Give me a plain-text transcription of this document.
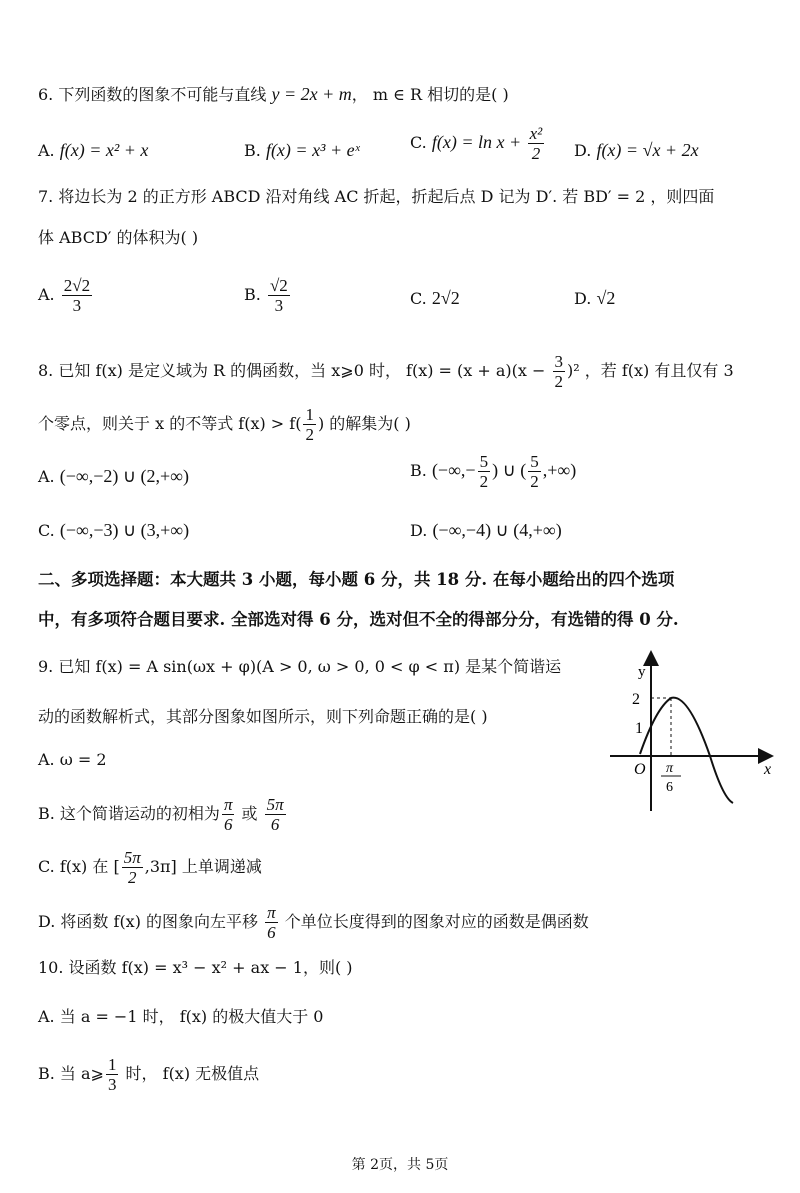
6. 下列函数的图象不可能与直线 y = 2x + m， m ∈ R 相切的是( )
A. f(x) = x² + x	B. f(x) = x³ + eˣ	C. $f(x) = \ln x + \frac{\text{x²}}{2} D$. f(x) = √x + 2x
7. 将边长为 2 的正方形 ABCD 沿对角线 AC 折起，折起后点 D 记为 D′. 若 BD′ = 2 ，则四面
体 ABCD′ 的体积为( )
A. $\frac{2√2}{3}$	B. $\frac{√2}{3}$	C. 2√2	D. √2
8. 已知 f(x) 是定义域为 R 的偶函数，当 x⩾0 时， $f(x) = (x + a)(x - \frac{3}{2} )^2$ ，若 f(x) 有且仅有 3
个零点，则关于 x 的不等式 $f(x) > f( \frac{1}{2}$ ) 的解集为( )
A. (−∞,−2) ∪ (2,+∞)	B. (−∞,− $\frac{5}{2}$ ) ∪ ( $\frac{5}{2}$ ,+∞)
C. (−∞,−3) ∪ (3,+∞)	D. (−∞,−4) ∪ (4,+∞)
二、多项选择题：本大题共 3 小题，每小题 6 分，共 18 分. 在每小题给出的四个选项
中，有多项符合题目要求. 全部选对得 6 分，选对但不全的得部分分，有选错的得 0 分.
9. 已知 f(x) = A sin(ωx + φ)(A > 0, ω > 0, 0 < φ < π) 是某个简谐运
动的函数解析式，其部分图象如图所示，则下列命题正确的是( )
A. ω = 2
B. 这个简谐运动的初相为 $\frac{\pi}{6}$ 或 $\frac{5\pi}{6}$
C. f(x) 在 [ $\frac{5\pi}{2} ,3\pi$] 上单调递减
D. 将函数 f(x) 的图象向左平移 $\frac{\pi}{6}$ 个单位长度得到的图象对应的函数是偶函数
y
x
O
2
1
π
6
10. 设函数 f(x) = x³ − x² + ax − 1，则( )
A. 当 a = −1 时， f(x) 的极大值大于 0
B. 当 a⩾ $\frac{1}{3}$ 时， f(x) 无极值点
第 2页，共 5页
